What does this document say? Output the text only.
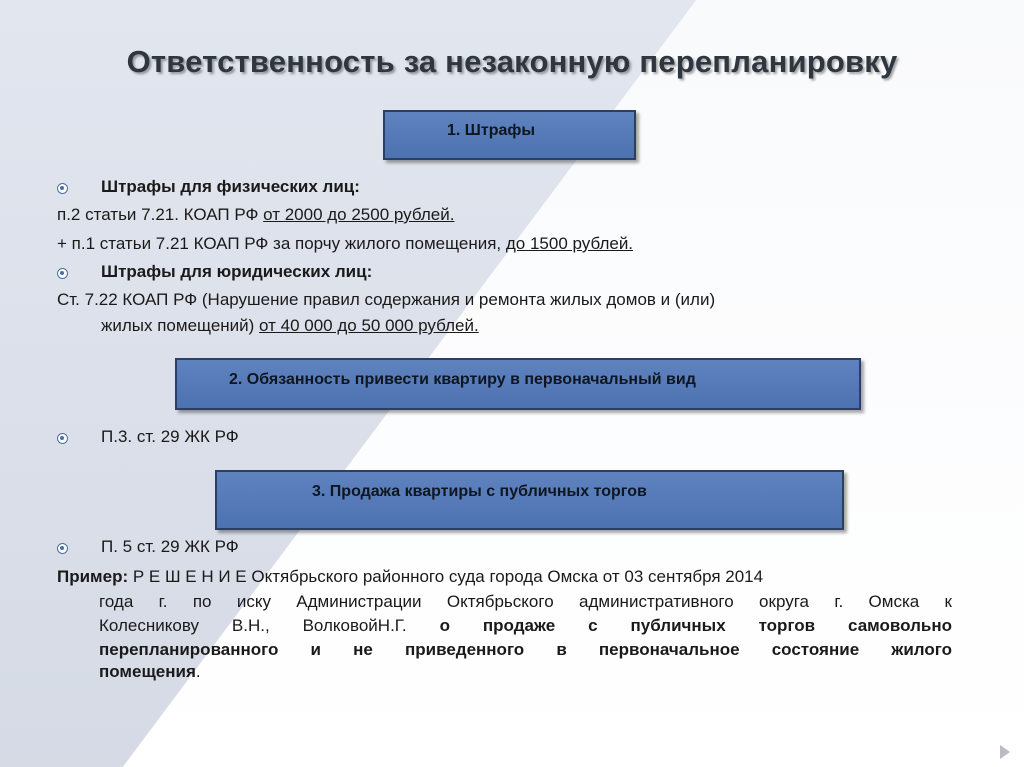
Ответственность за незаконную перепланировку
1. Штрафы
Штрафы для физических лиц:
п.2 статьи 7.21. КОАП РФ от 2000 до 2500 рублей.
+ п.1 статьи 7.21 КОАП РФ за порчу жилого помещения, до 1500 рублей.
Штрафы для юридических лиц:
Ст. 7.22 КОАП РФ (Нарушение правил содержания и ремонта жилых домов и (или)
жилых помещений) от 40 000 до 50 000 рублей.
2. Обязанность привести квартиру в первоначальный вид
П.3. ст. 29 ЖК РФ
3. Продажа квартиры с публичных торгов
П. 5 ст. 29 ЖК РФ
Пример: Р Е Ш Е Н И Е Октябрьского районного суда города Омска от 03 сентября 2014
года г. по иску Администрации Октябрьского административного округа г. Омска к
Колесникову В.Н., ВолковойН.Г. о продаже с публичных торгов самовольно
перепланированного и не приведенного в первоначальное состояние жилого
помещения.
